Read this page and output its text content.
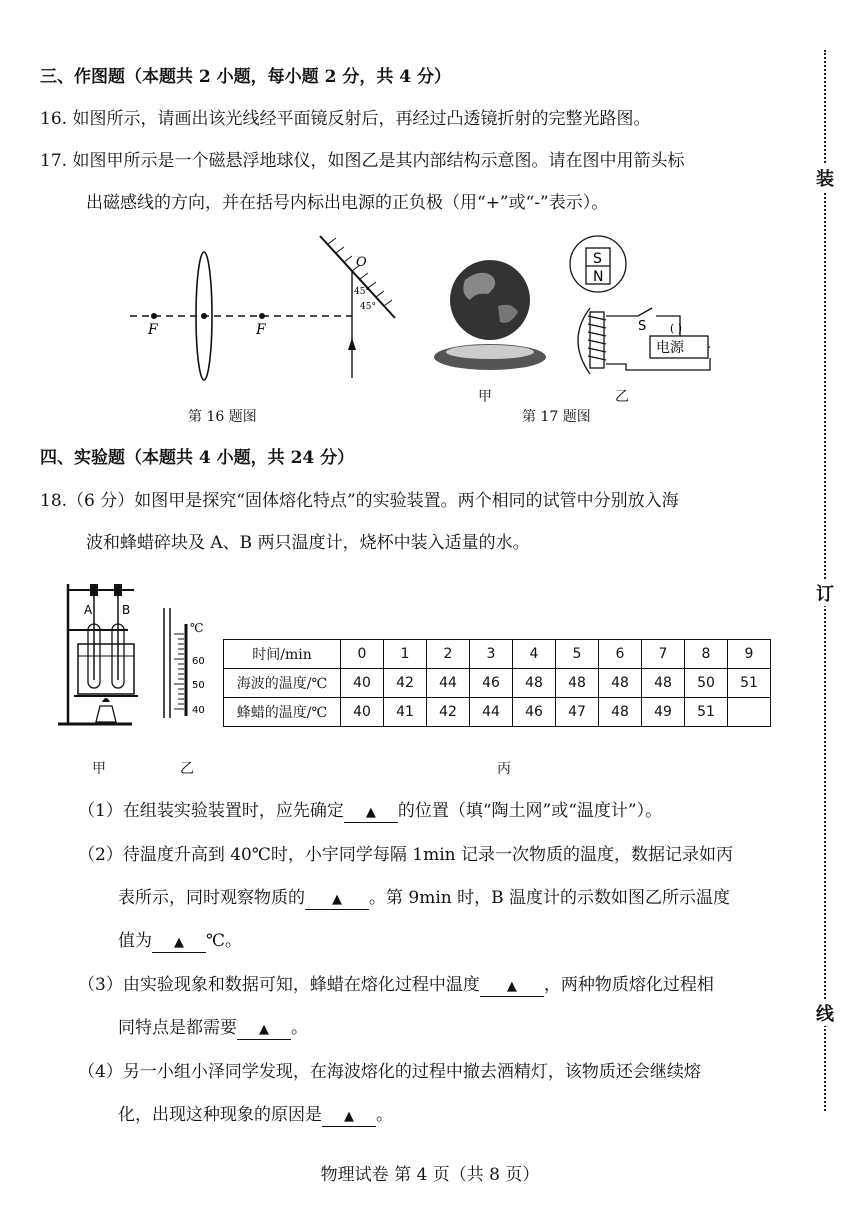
装
订
线
三、作图题（本题共 2 小题，每小题 2 分，共 4 分）
16. 如图所示，请画出该光线经平面镜反射后，再经过凸透镜折射的完整光路图。
17. 如图甲所示是一个磁悬浮地球仪，如图乙是其内部结构示意图。请在图中用箭头标
出磁感线的方向，并在括号内标出电源的正负极（用“+”或“-”表示）。
F	F
O
45°
45°
第 16 题图
甲
S
N
S ( )
电源
第 17 题图
乙
四、实验题（本题共 4 小题，共 24 分）
18.（6 分）如图甲是探究“固体熔化特点”的实验装置。两个相同的试管中分别放入海
波和蜂蜡碎块及 A、B 两只温度计，烧杯中装入适量的水。
A B
甲
℃
60
50
40
乙
时间/min	0	1	2	3	4	5	6	7	8	9
海波的温度/℃	40	42	44	46	48	48	48	48	50	51
蜂蜡的温度/℃	40	41	42	44	46	47	48	49	51	
丙
（1）在组装实验装置时，应先确定 ▲ 的位置（填“陶土网”或“温度计”）。
（2）待温度升高到 40℃时，小宇同学每隔 1min 记录一次物质的温度，数据记录如丙
表所示，同时观察物质的 ▲ 。第 9min 时，B 温度计的示数如图乙所示温度
值为 ▲ ℃。
（3）由实验现象和数据可知，蜂蜡在熔化过程中温度 ▲ ，两种物质熔化过程相
同特点是都需要 ▲ 。
（4）另一小组小泽同学发现，在海波熔化的过程中撤去酒精灯，该物质还会继续熔
化，出现这种现象的原因是 ▲ 。
物理试卷 第 4 页（共 8 页）
